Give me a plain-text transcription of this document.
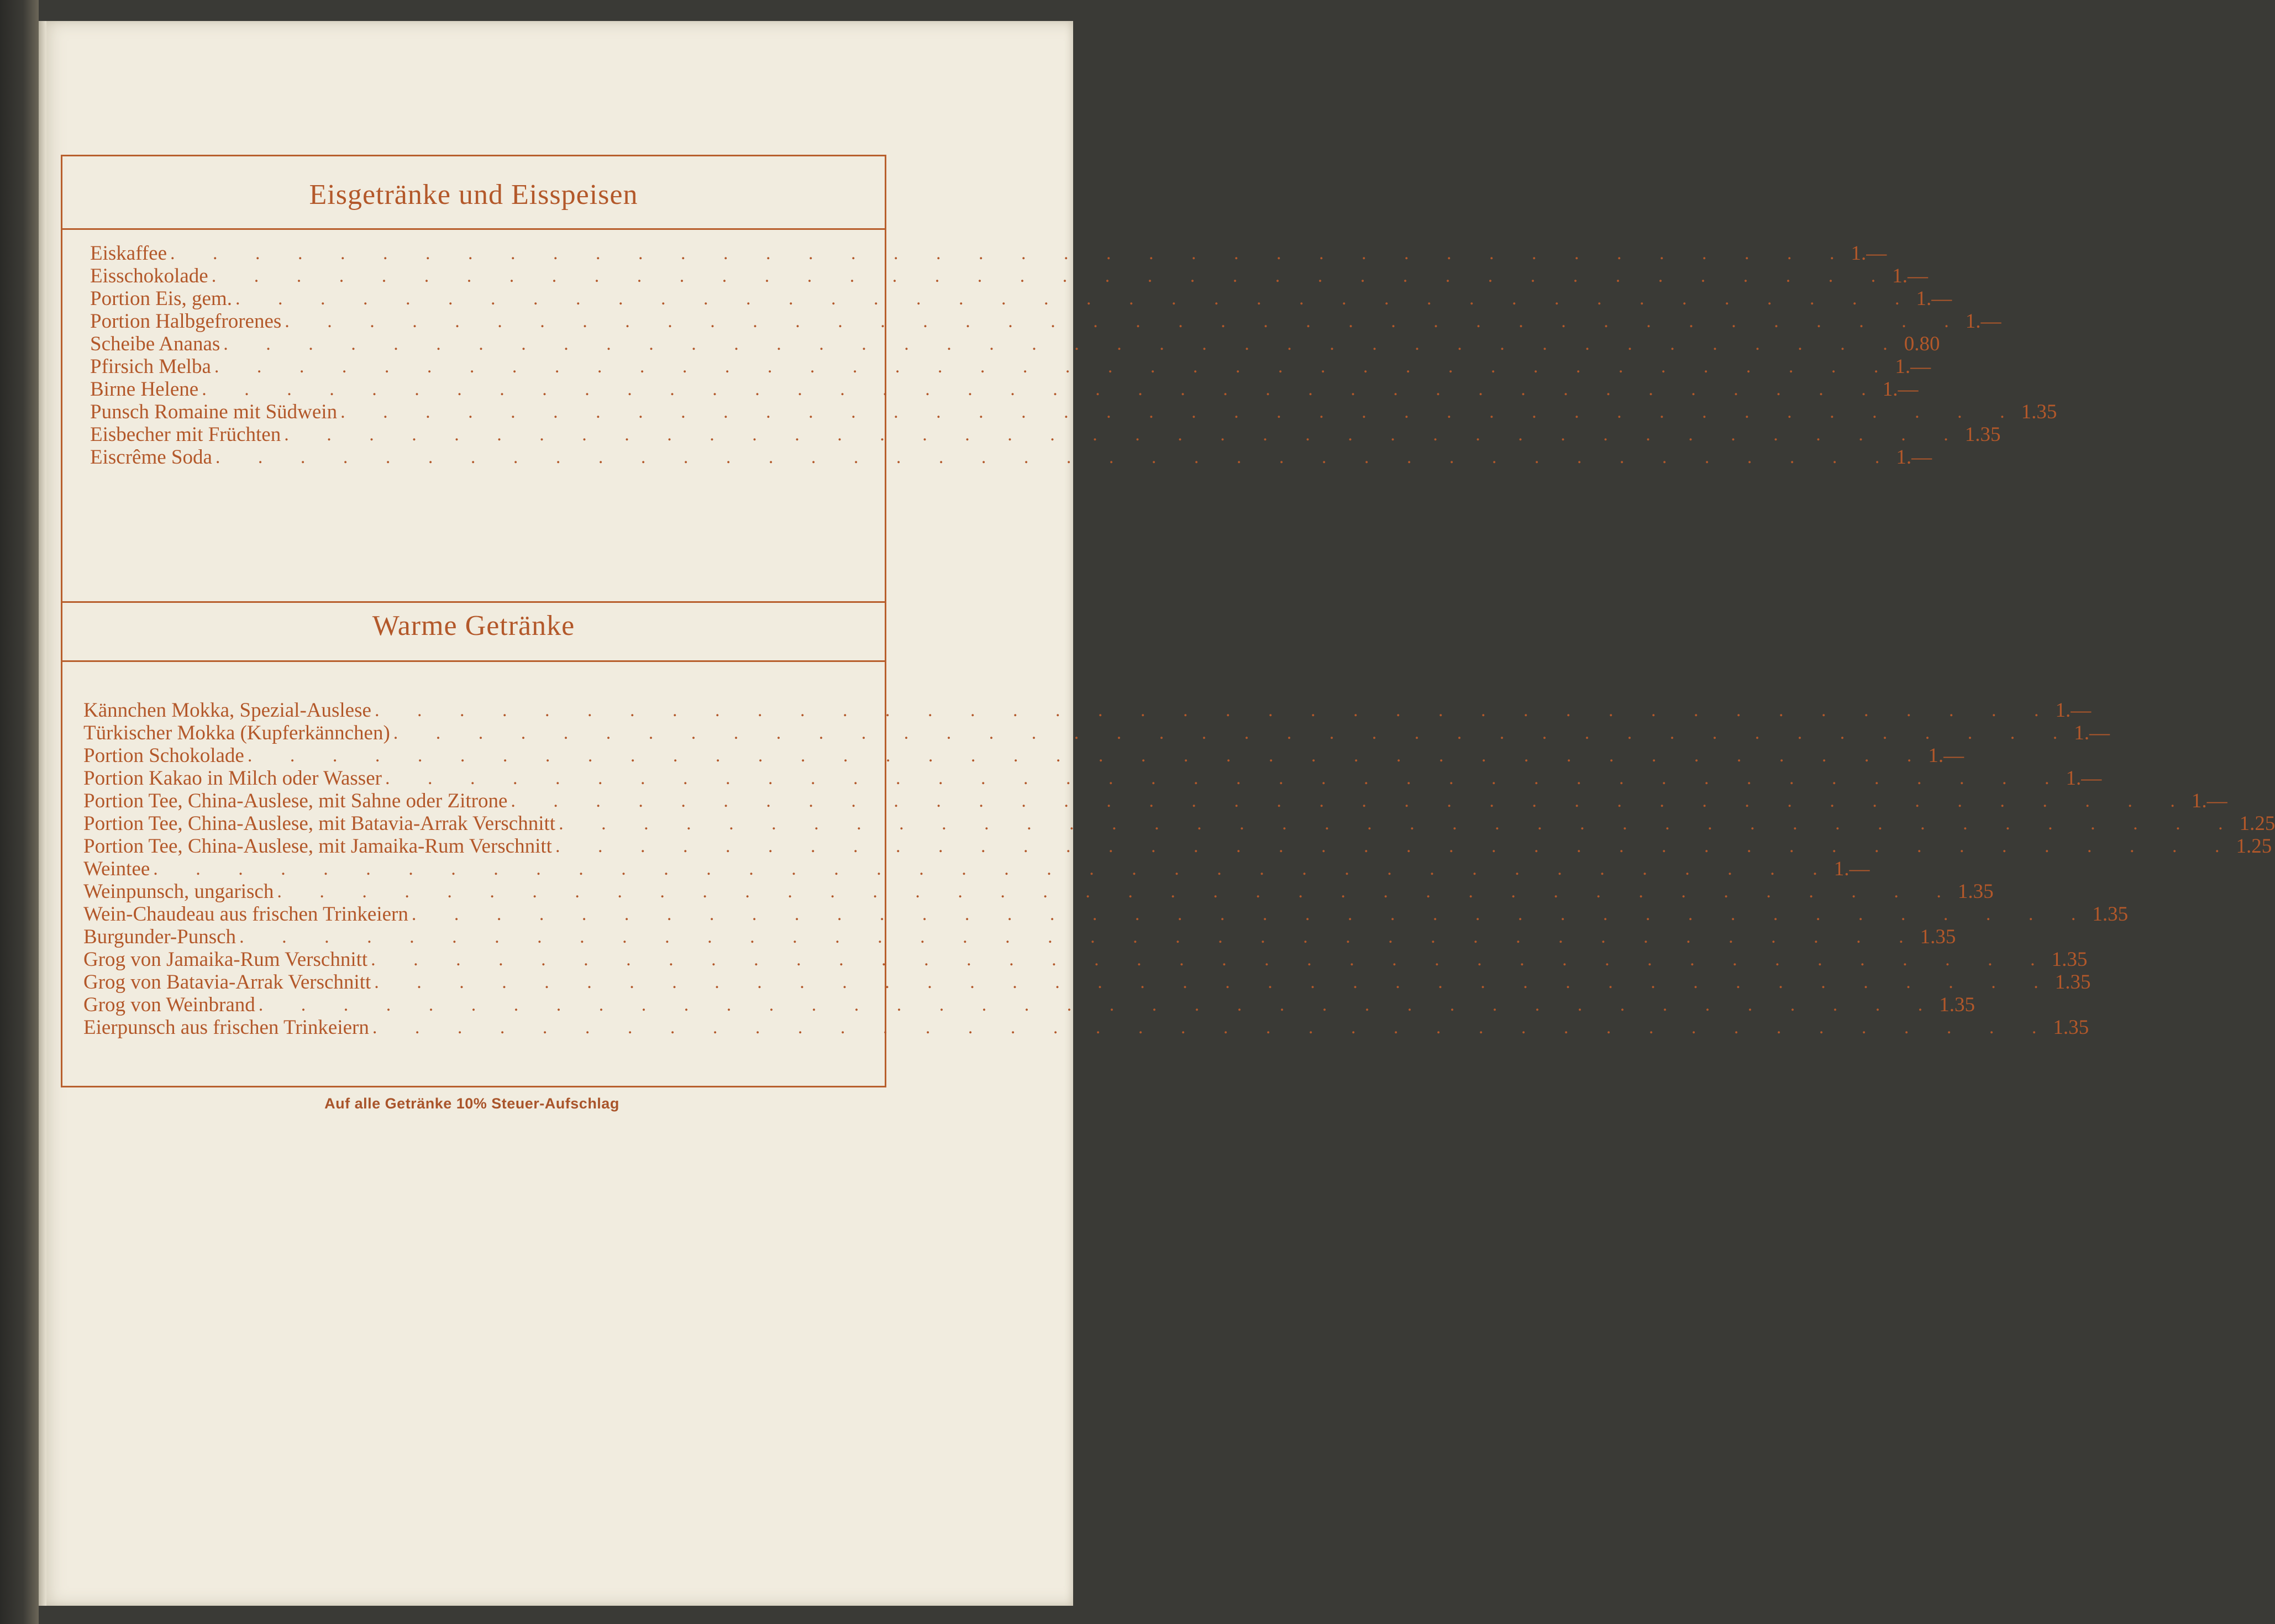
Eisgetränke und Eisspeisen
Eiskaffee . . . . . . . . . . . . . . . . . . . . . . . . . . . . . . . . . . . . . . . . 1.—
Eisschokolade . . . . . . . . . . . . . . . . . . . . . . . . . . . . . . . . . . . . . . . . 1.—
Portion Eis, gem. . . . . . . . . . . . . . . . . . . . . . . . . . . . . . . . . . . . . . . . . 1.—
Portion Halbgefrorenes . . . . . . . . . . . . . . . . . . . . . . . . . . . . . . . . . . . . . . . . 1.—
Scheibe Ananas . . . . . . . . . . . . . . . . . . . . . . . . . . . . . . . . . . . . . . . . 0.80
Pfirsich Melba . . . . . . . . . . . . . . . . . . . . . . . . . . . . . . . . . . . . . . . . 1.—
Birne Helene . . . . . . . . . . . . . . . . . . . . . . . . . . . . . . . . . . . . . . . . 1.—
Punsch Romaine mit Südwein . . . . . . . . . . . . . . . . . . . . . . . . . . . . . . . . . . . . . . . . 1.35
Eisbecher mit Früchten . . . . . . . . . . . . . . . . . . . . . . . . . . . . . . . . . . . . . . . . 1.35
Eiscrême Soda . . . . . . . . . . . . . . . . . . . . . . . . . . . . . . . . . . . . . . . . 1.—
Warme Getränke
Kännchen Mokka, Spezial-Auslese . . . . . . . . . . . . . . . . . . . . . . . . . . . . . . . . . . . . . . . . 1.—
Türkischer Mokka (Kupferkännchen) . . . . . . . . . . . . . . . . . . . . . . . . . . . . . . . . . . . . . . . . 1.—
Portion Schokolade . . . . . . . . . . . . . . . . . . . . . . . . . . . . . . . . . . . . . . . . 1.—
Portion Kakao in Milch oder Wasser . . . . . . . . . . . . . . . . . . . . . . . . . . . . . . . . . . . . . . . . 1.—
Portion Tee, China-Auslese, mit Sahne oder Zitrone . . . . . . . . . . . . . . . . . . . . . . . . . . . . . . . . . . . . . . . . 1.—
Portion Tee, China-Auslese, mit Batavia-Arrak Verschnitt . . . . . . . . . . . . . . . . . . . . . . . . . . . . . . . . . . . . . . . . 1.25
Portion Tee, China-Auslese, mit Jamaika-Rum Verschnitt . . . . . . . . . . . . . . . . . . . . . . . . . . . . . . . . . . . . . . . . 1.25
Weintee . . . . . . . . . . . . . . . . . . . . . . . . . . . . . . . . . . . . . . . . 1.—
Weinpunsch, ungarisch . . . . . . . . . . . . . . . . . . . . . . . . . . . . . . . . . . . . . . . . 1.35
Wein-Chaudeau aus frischen Trinkeiern . . . . . . . . . . . . . . . . . . . . . . . . . . . . . . . . . . . . . . . . 1.35
Burgunder-Punsch . . . . . . . . . . . . . . . . . . . . . . . . . . . . . . . . . . . . . . . . 1.35
Grog von Jamaika-Rum Verschnitt . . . . . . . . . . . . . . . . . . . . . . . . . . . . . . . . . . . . . . . . 1.35
Grog von Batavia-Arrak Verschnitt . . . . . . . . . . . . . . . . . . . . . . . . . . . . . . . . . . . . . . . . 1.35
Grog von Weinbrand . . . . . . . . . . . . . . . . . . . . . . . . . . . . . . . . . . . . . . . . 1.35
Eierpunsch aus frischen Trinkeiern . . . . . . . . . . . . . . . . . . . . . . . . . . . . . . . . . . . . . . . . 1.35
Auf alle Getränke 10% Steuer-Aufschlag
